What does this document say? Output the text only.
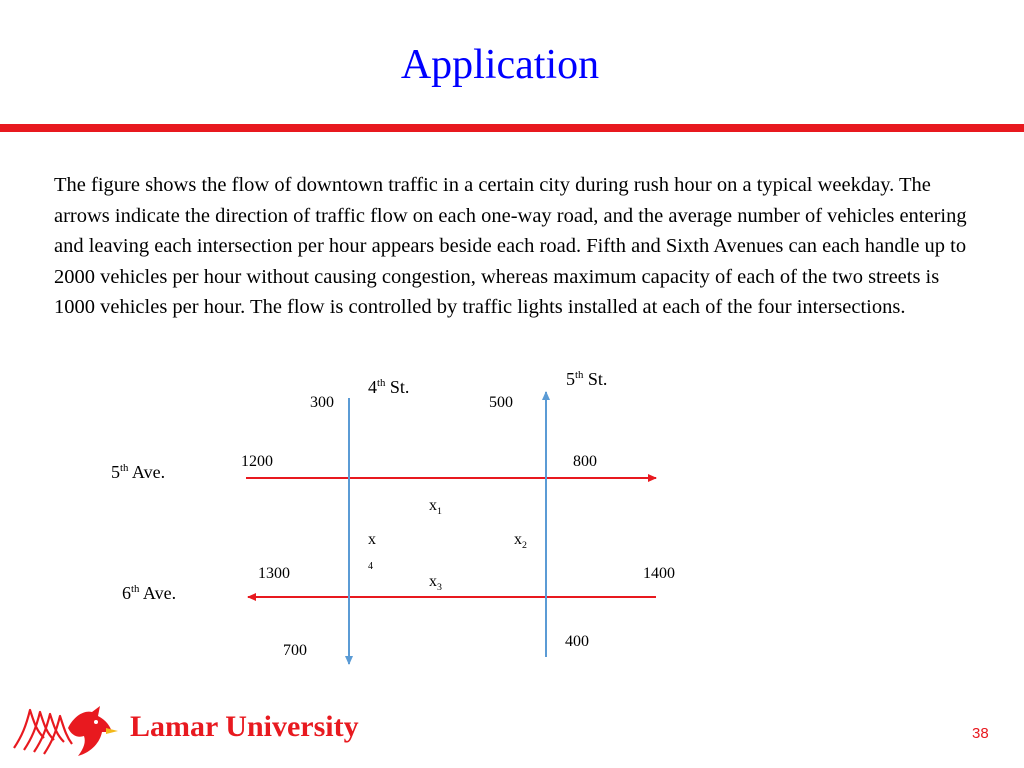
Application
The figure shows the flow of downtown traffic in a certain city during rush hour on a typical weekday. The arrows indicate the direction of traffic flow on each one-way road, and the average number of vehicles entering and leaving each intersection per hour appears beside each road. Fifth and Sixth Avenues can each handle up to 2000 vehicles per hour without causing congestion, whereas maximum capacity of each of the two streets is 1000 vehicles per hour. The flow is controlled by traffic lights installed at each of the four intersections.
4th St.	5th St.
5th Ave.
6th Ave.
300	500
1200	800
1300	1400
700
400
$x_1$
$x_2$
$x_3$
x
4
Lamar University	38
